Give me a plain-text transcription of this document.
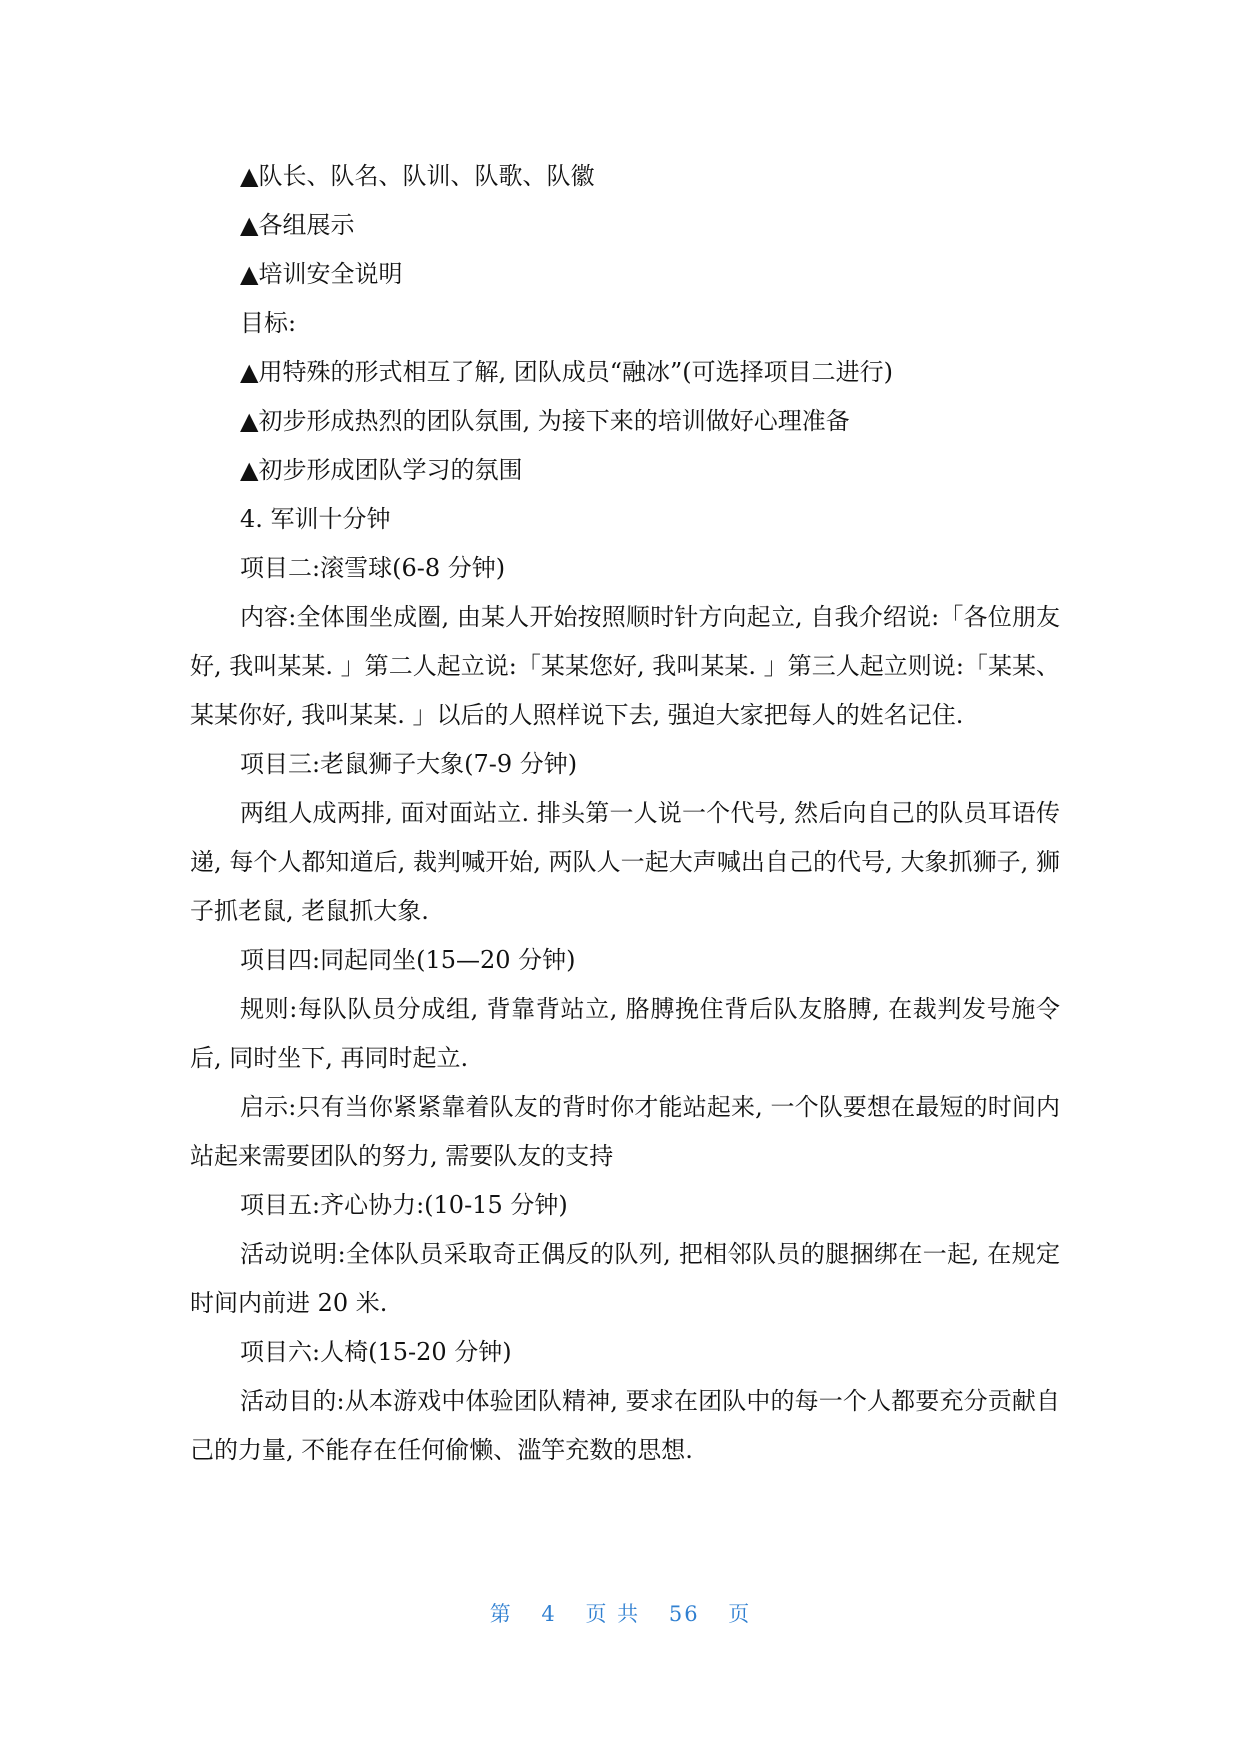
▲队长、队名、队训、队歌、队徽

▲各组展示

▲培训安全说明

目标:

▲用特殊的形式相互了解, 团队成员“融冰”(可选择项目二进行)

▲初步形成热烈的团队氛围, 为接下来的培训做好心理准备

▲初步形成团队学习的氛围

4. 军训十分钟

项目二:滚雪球(6-8 分钟)

内容:全体围坐成圈, 由某人开始按照顺时针方向起立, 自我介绍说:「各位朋友好, 我叫某某. 」第二人起立说:「某某您好, 我叫某某. 」第三人起立则说:「某某、某某你好, 我叫某某. 」以后的人照样说下去, 强迫大家把每人的姓名记住.

项目三:老鼠狮子大象(7-9 分钟)

两组人成两排, 面对面站立. 排头第一人说一个代号, 然后向自己的队员耳语传递, 每个人都知道后, 裁判喊开始, 两队人一起大声喊出自己的代号, 大象抓狮子, 狮子抓老鼠, 老鼠抓大象.

项目四:同起同坐(15—20 分钟)

规则:每队队员分成组, 背靠背站立, 胳膊挽住背后队友胳膊, 在裁判发号施令后, 同时坐下, 再同时起立.

启示:只有当你紧紧靠着队友的背时你才能站起来, 一个队要想在最短的时间内站起来需要团队的努力, 需要队友的支持

项目五:齐心协力:(10-15 分钟)

活动说明:全体队员采取奇正偶反的队列, 把相邻队员的腿捆绑在一起, 在规定时间内前进 20 米.

项目六:人椅(15-20 分钟)

活动目的:从本游戏中体验团队精神, 要求在团队中的每一个人都要充分贡献自己的力量, 不能存在任何偷懒、滥竽充数的思想.

第 4 页 共 56 页
